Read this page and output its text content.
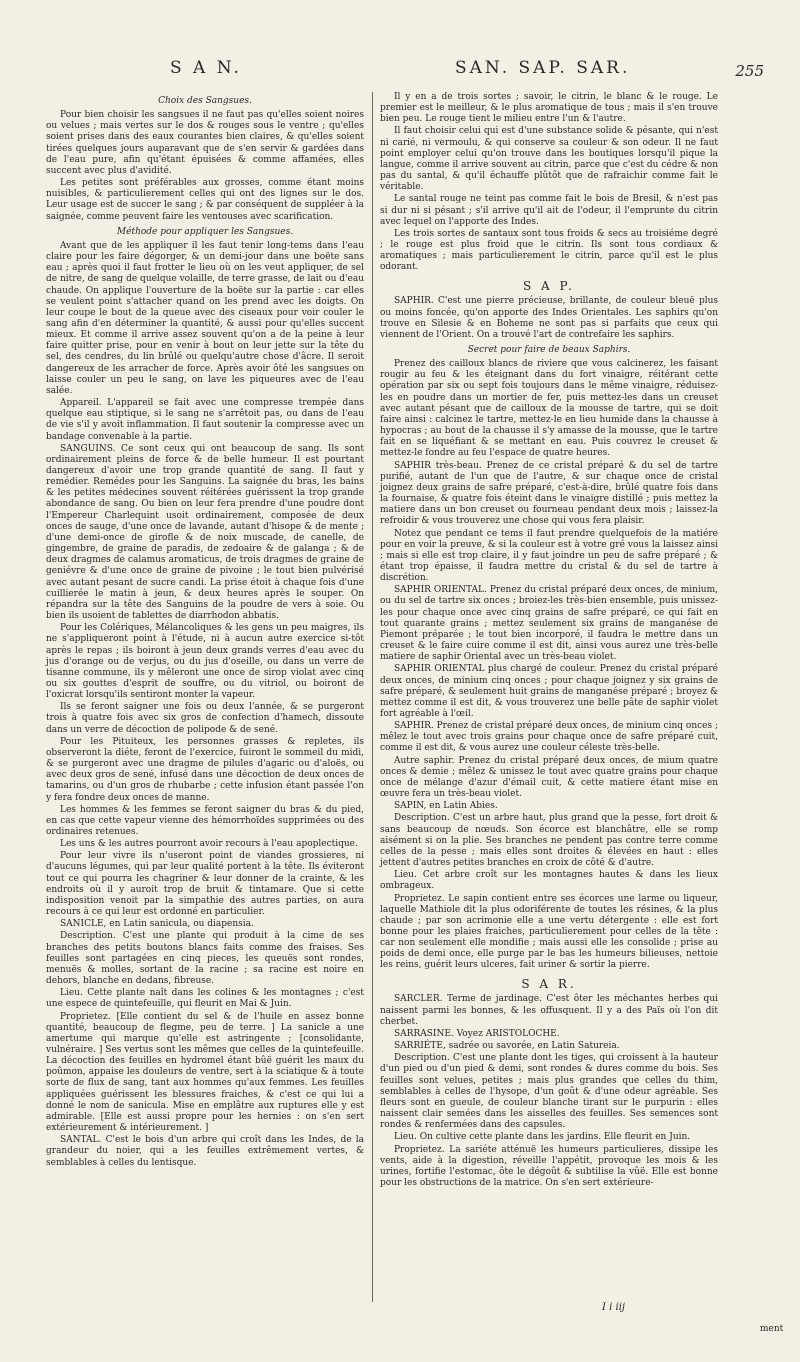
S A N.	SAN. SAP. SAR.	255
Choix des Sangsues.

Pour bien choisir les sangsues il ne faut pas qu'elles soient noires ou velues ; mais vertes sur le dos & rouges sous le ventre ; qu'elles soient prises dans des eaux courantes bien claires, & qu'elles soient tirées quelques jours auparavant que de s'en servir & gardées dans de l'eau pure, afin qu'étant épuisées & comme affamées, elles succent avec plus d'avidité.

Les petites sont préférables aux grosses, comme étant moins nuisibles, & particulierement celles qui ont des lignes sur le dos. Leur usage est de succer le sang ; & par conséquent de suppléer à la saignée, comme peuvent faire les ventouses avec scarification.

Méthode pour appliquer les Sangsues.

Avant que de les appliquer il les faut tenir long-tems dans l'eau claire pour les faire dégorger, & un demi-jour dans une boëte sans eau ; après quoi il faut frotter le lieu où on les veut appliquer, de sel de nitre, de sang de quelque volaille, de terre grasse, de lait ou d'eau chaude. On applique l'ouverture de la boëte sur la partie : car elles se veulent point s'attacher quand on les prend avec les doigts. On leur coupe le bout de la queue avec des ciseaux pour voir couler le sang afin d'en déterminer la quantité, & aussi pour qu'elles succent mieux. Et comme il arrive assez souvent qu'on a de la peine à leur faire quitter prise, pour en venir à bout on leur jette sur la tête du sel, des cendres, du lin brûlé ou quelqu'autre chose d'âcre. Il seroit dangereux de les arracher de force. Après avoir ôté les sangsues on laisse couler un peu le sang, on lave les piqueures avec de l'eau salée.

Appareil. L'appareil se fait avec une compresse trempée dans quelque eau stiptique, si le sang ne s'arrêtoit pas, ou dans de l'eau de vie s'il y avoit inflammation. Il faut soutenir la compresse avec un bandage convenable à la partie.

SANGUINS. Ce sont ceux qui ont beaucoup de sang. Ils sont ordinairement pleins de force & de belle humeur. Il est pourtant dangereux d'avoir une trop grande quantité de sang. Il faut y remédier. Remédes pour les Sanguins. La saignée du bras, les bains & les petites médecines souvent réitérées guérissent la trop grande abondance de sang. Ou bien on leur fera prendre d'une poudre dont l'Empereur Charlequint usoit ordinairement, composée de deux onces de sauge, d'une once de lavande, autant d'hisope & de mente ; d'une demi-once de girofle & de noix muscade, de canelle, de gingembre, de graine de paradis, de zedoaire & de galanga ; & de deux dragmes de calamus aromaticus, de trois dragmes de graine de geniévre & d'une once de graine de pivoine ; le tout bien pulvérisé avec autant pesant de sucre candi. La prise étoit à chaque fois d'une cuillierée le matin à jeun, & deux heures après le souper. On répandra sur la tête des Sanguins de la poudre de vers à soie. Ou bien ils usoient de tablettes de diarrhodon abbatis.

Pour les Colériques, Mélancoliques & les gens un peu maigres, ils ne s'appliqueront point à l'étude, ni à aucun autre exercice si-tôt après le repas ; ils boiront à jeun deux grands verres d'eau avec du jus d'orange ou de verjus, ou du jus d'oseille, ou dans un verre de tisanne commune, ils y mêleront une once de sirop violat avec cinq ou six gouttes d'esprit de souffre, ou du vitriol, ou boiront de l'oxicrat lorsqu'ils sentiront monter la vapeur.

Ils se feront saigner une fois ou deux l'année, & se purgeront trois à quatre fois avec six gros de confection d'hamech, dissoute dans un verre de décoction de polipode & de sené.

Pour les Pituiteux, les personnes grasses & repletes, ils observeront la diéte, feront de l'exercice, fuiront le sommeil du midi, & se purgeront avec une dragme de pilules d'agaric ou d'aloës, ou avec deux gros de sené, infusé dans une décoction de deux onces de tamarins, ou d'un gros de rhubarbe ; cette infusion étant passée l'on y fera fondre deux onces de manne.

Les hommes & les femmes se feront saigner du bras & du pied, en cas que cette vapeur vienne des hémorrhoïdes supprimées ou des ordinaires retenues.

Les uns & les autres pourront avoir recours à l'eau apoplectique.

Pour leur vivre ils n'useront point de viandes grossieres, ni d'aucuns légumes, qui par leur qualité portent à la tête. Ils éviteront tout ce qui pourra les chagriner & leur donner de la crainte, & les endroits où il y auroit trop de bruit & tintamare. Que si cette indisposition venoit par la simpathie des autres parties, on aura recours à ce qui leur est ordonné en particulier.

SANICLE, en Latin sanicula, ou diapensia.

Description. C'est une plante qui produit à la cime de ses branches des petits boutons blancs faits comme des fraises. Ses feuilles sont partagées en cinq pieces, les queuës sont rondes, menuës & molles, sortant de la racine ; sa racine est noire en dehors, blanche en dedans, fibreuse.

Lieu. Cette plante naît dans les colines & les montagnes ; c'est une espece de quintefeuille, qui fleurit en Mai & Juin.

Proprietez. [Elle contient du sel & de l'huile en assez bonne quantité, beaucoup de flegme, peu de terre. ] La sanicle a une amertume qui marque qu'elle est astringente ; [consolidante, vulnéraire. ] Ses vertus sont les mêmes que celles de la quintefeuille. La décoction des feuilles en hydromel étant bûë guérit les maux du poûmon, appaise les douleurs de ventre, sert à la sciatique & à toute sorte de flux de sang, tant aux hommes qu'aux femmes. Les feuilles appliquées guérissent les blessures fraiches, & c'est ce qui lui a donné le nom de sanicula. Mise en emplâtre aux ruptures elle y est admirable. [Elle est aussi propre pour les hernies : on s'en sert extérieurement & intérieurement. ]

SANTAL. C'est le bois d'un arbre qui croît dans les Indes, de la grandeur du noier, qui a les feuilles extrêmement vertes, & semblables à celles du lentisque.

Il y en a de trois sortes ; savoir, le citrin, le blanc & le rouge. Le premier est le meilleur, & le plus aromatique de tous ; mais il s'en trouve bien peu. Le rouge tient le milieu entre l'un & l'autre.

Il faut choisir celui qui est d'une substance solide & pésante, qui n'est ni carié, ni vermoulu, & qui conserve sa couleur & son odeur. Il ne faut point employer celui qu'on trouve dans les boutiques lorsqu'il pique la langue, comme il arrive souvent au citrin, parce que c'est du cédre & non pas du santal, & qu'il échauffe plûtôt que de rafraichir comme fait le véritable.

Le santal rouge ne teint pas comme fait le bois de Bresil, & n'est pas si dur ni si pésant ; s'il arrive qu'il ait de l'odeur, il l'emprunte du citrin avec lequel on l'apporte des Indes.

Les trois sortes de santaux sont tous froids & secs au troisiéme degré ; le rouge est plus froid que le citrin. Ils sont tous cordiaux & aromatiques ; mais particulierement le citrin, parce qu'il est le plus odorant.

S A P.

SAPHIR. C'est une pierre précieuse, brillante, de couleur bleuë plus ou moins foncée, qu'on apporte des Indes Orientales. Les saphirs qu'on trouve en Silesie & en Boheme ne sont pas si parfaits que ceux qui viennent de l'Orient. On a trouvé l'art de contrefaire les saphirs.

Secret pour faire de beaux Saphirs.

Prenez des cailloux blancs de riviere que vous calcinerez, les faisant rougir au feu & les éteignant dans du fort vinaigre, réitérant cette opération par six ou sept fois toujours dans le même vinaigre, réduisez-les en poudre dans un mortier de fer, puis mettez-les dans un creuset avec autant pésant que de cailloux de la mousse de tartre, qui se doit faire ainsi : calcinez le tartre, mettez-le en lieu humide dans la chausse à hypocras ; au bout de la chausse il s'y amasse de la mousse, que le tartre fait en se liquéfiant & se mettant en eau. Puis couvrez le creuset & mettez-le fondre au feu l'espace de quatre heures.

SAPHIR très-beau. Prenez de ce cristal préparé & du sel de tartre purifié, autant de l'un que de l'autre, & sur chaque once de cristal joignez deux grains de safre préparé, c'est-à-dire, brûlé quatre fois dans la fournaise, & quatre fois éteint dans le vinaigre distillé ; puis mettez la matiere dans un bon creuset ou fourneau pendant deux mois ; laissez-la refroidir & vous trouverez une chose qui vous fera plaisir.

Notez que pendant ce tems il faut prendre quelquefois de la matiére pour en voir la preuve, & si la couleur est à votre gré vous la laissez ainsi ; mais si elle est trop claire, il y faut joindre un peu de safre préparé ; & étant trop épaisse, il faudra mettre du cristal & du sel de tartre à discrétion.

SAPHIR ORIENTAL. Prenez du cristal préparé deux onces, de minium, ou du sel de tartre six onces ; broiez-les très-bien ensemble, puis unissez-les pour chaque once avec cinq grains de safre préparé, ce qui fait en tout quarante grains ; mettez seulement six grains de manganése de Piemont préparée ; le tout bien incorporé, il faudra le mettre dans un creuset & le faire cuire comme il est dit, ainsi vous aurez une très-belle matiere de saphir Oriental avec un très-beau violet.

SAPHIR ORIENTAL plus chargé de couleur. Prenez du cristal préparé deux onces, de minium cinq onces ; pour chaque joignez y six grains de safre préparé, & seulement huit grains de manganése préparé ; broyez & mettez comme il est dit, & vous trouverez une belle pâte de saphir violet fort agréable à l'œil.

SAPHIR. Prenez de cristal préparé deux onces, de minium cinq onces ; mêlez le tout avec trois grains pour chaque once de safre préparé cuit, comme il est dit, & vous aurez une couleur céleste très-belle.

Autre saphir. Prenez du cristal préparé deux onces, de mium quatre onces & demie ; mêlez & unissez le tout avec quatre grains pour chaque once de mélange d'azur d'émail cuit, & cette matiere étant mise en œuvre fera un très-beau violet.

SAPIN, en Latin Abies.

Description. C'est un arbre haut, plus grand que la pesse, fort droit & sans beaucoup de nœuds. Son écorce est blanchâtre, elle se romp aisément si on la plie. Ses branches ne pendent pas contre terre comme celles de la pesse ; mais elles sont droites & élevées en haut : elles jettent d'autres petites branches en croix de côté & d'autre.

Lieu. Cet arbre croît sur les montagnes hautes & dans les lieux ombrageux.

Proprietez. Le sapin contient entre ses écorces une larme ou liqueur, laquelle Mathiole dit la plus odoriférente de toutes les résines, & la plus chaude ; par son acrimonie elle a une vertu détergente : elle est fort bonne pour les plaies fraiches, particulierement pour celles de la tête : car non seulement elle mondifie ; mais aussi elle les consolide ; prise au poids de demi once, elle purge par le bas les humeurs bilieuses, nettoie les reins, guérit leurs ulceres, fait uriner & sortir la pierre.

S A R.

SARCLER. Terme de jardinage. C'est ôter les méchantes herbes qui naissent parmi les bonnes, & les offusquent. Il y a des Païs où l'on dit cherbet.

SARRASINE. Voyez ARISTOLOCHE.

SARRIÉTE, sadrée ou savorée, en Latin Satureia.

Description. C'est une plante dont les tiges, qui croissent à la hauteur d'un pied ou d'un pied & demi, sont rondes & dures comme du bois. Ses feuilles sont velues, petites ; mais plus grandes que celles du thim, semblables à celles de l'hysope, d'un goût & d'une odeur agréable. Ses fleurs sont en gueule, de couleur blanche tirant sur le purpurin : elles naissent clair semées dans les aisselles des feuilles. Ses semences sont rondes & renfermées dans des capsules.

Lieu. On cultive cette plante dans les jardins. Elle fleurit en Juin.

Proprietez. La sariéte atténuë les humeurs particulieres, dissipe les vents, aide à la digestion, réveille l'appétit, provoque les mois & les urines, fortifie l'estomac, ôte le dégoût & subtilise la vûë. Elle est bonne pour les obstructions de la matrice. On s'en sert extérieure-

I i iij
ment
